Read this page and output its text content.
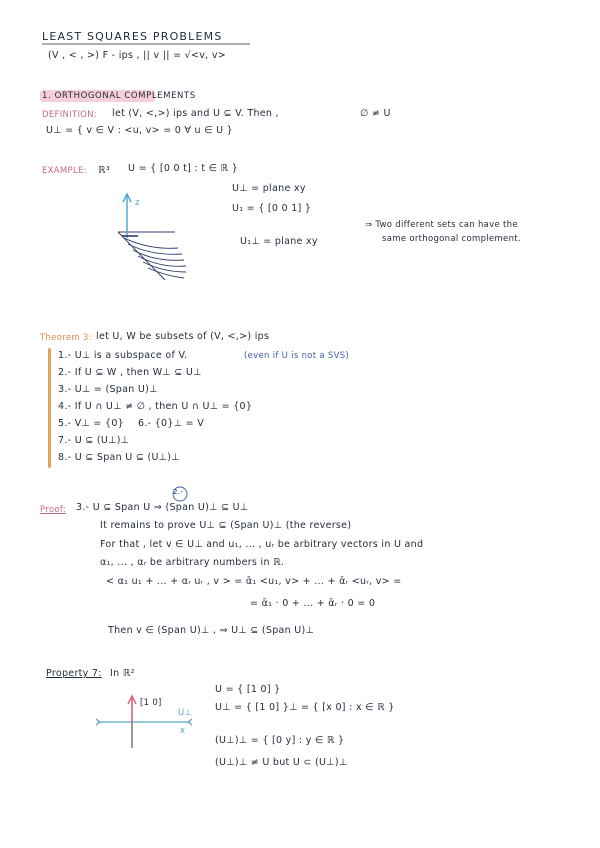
LEAST SQUARES PROBLEMS
(V , < , >) F - ips , || v || = √<v, v>
1. ORTHOGONAL COMPLEMENTS
DEFINITION: let (V, <,>) ips and U ⊆ V. Then ,	∅ ≠ U
U⊥ = { v ∈ V : <u, v> = 0 ∀ u ∈ U }
EXAMPLE: ℝ³ U = { [0 0 t] : t ∈ ℝ }
U⊥ = plane xy
U₁ = { [0 0 1] }
U₁⊥ = plane xy
⇒ Two different sets can have the
same orthogonal complement.
z
Theorem 3: let U, W be subsets of (V, <,>) ips
1.- U⊥ is a subspace of V.	(even if U is not a SVS)
2.- If U ⊆ W , then W⊥ ⊆ U⊥
3.- U⊥ = (Span U)⊥
4.- If U ∩ U⊥ ≠ ∅ , then U ∩ U⊥ = {0}
5.- V⊥ = {0} 6.- {0}⊥ = V
7.- U ⊆ (U⊥)⊥
8.- U ⊆ Span U ⊆ (U⊥)⊥
Proof: 3.- U ⊆ Span U ⇒ (Span U)⊥ ⊆ U⊥
2.-
It remains to prove U⊥ ⊆ (Span U)⊥ (the reverse)
For that , let v ∈ U⊥ and u₁, ... , uᵣ be arbitrary vectors in U and
α₁, ... , αᵣ be arbitrary numbers in ℝ.
< α₁ u₁ + ... + αᵣ uᵣ , v > = ᾱ₁ <u₁, v> + ... + ᾱᵣ <uᵣ, v> =
= ᾱ₁ · 0 + ... + ᾱᵣ · 0 = 0
Then v ∈ (Span U)⊥ , ⇒ U⊥ ⊆ (Span U)⊥
Property 7: In ℝ²
U = { [1 0] }
U⊥ = { [1 0] }⊥ = { [x 0] : x ∈ ℝ }
(U⊥)⊥ = { [0 y] : y ∈ ℝ }
(U⊥)⊥ ≠ U but U ⊂ (U⊥)⊥
[1 0]
U⊥
x
